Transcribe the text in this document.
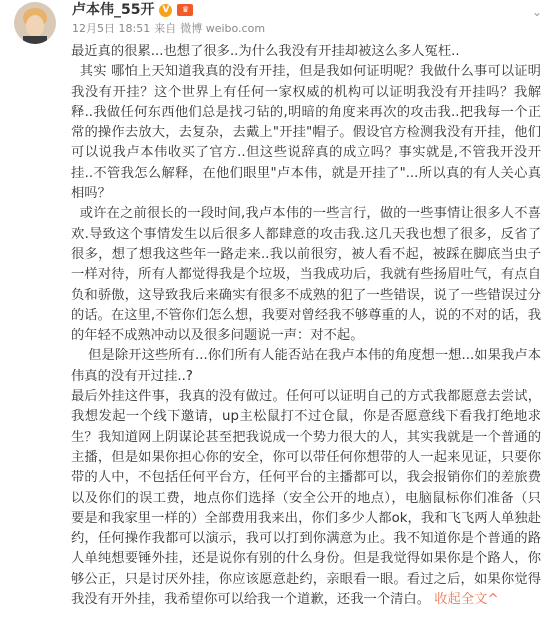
卢本伟_55开 V	♛
12月5日 18:51 来自 微博 weibo.com
⌄

最近真的很累...也想了很多..为什么我没有开挂却被这么多人冤枉..

其实 哪怕上天知道我真的没有开挂，但是我如何证明呢？我做什么事可以证明我没有开挂？这个世界上有任何一家权威的机构可以证明我没有开挂吗？我解释..我做任何东西他们总是找刁钻的,明暗的角度来再次的攻击我..把我每一个正常的操作去放大，去复杂，去戴上"开挂"帽子。假设官方检测我没有开挂，他们可以说我卢本伟收买了官方..但这些说辞真的成立吗？事实就是,不管我开没开挂..不管我怎么解释，在他们眼里"卢本伟，就是开挂了"...所以真的有人关心真相吗？

或许在之前很长的一段时间,我卢本伟的一些言行，做的一些事情让很多人不喜欢.导致这个事情发生以后很多人都肆意的攻击我.这几天我也想了很多，反省了很多，想了想我这些年一路走来..我以前很穷，被人看不起，被踩在脚底当虫子一样对待，所有人都觉得我是个垃圾，当我成功后，我就有些扬眉吐气，有点自负和骄傲，这导致我后来确实有很多不成熟的犯了一些错误，说了一些错误过分的话。在这里,不管你们怎么想，我要对曾经我不够尊重的人，说的不对的话，我的年轻不成熟冲动以及很多问题说一声：对不起。

但是除开这些所有...你们所有人能否站在我卢本伟的角度想一想...如果我卢本伟真的没有开过挂..?

最后外挂这件事，我真的没有做过。任何可以证明自己的方式我都愿意去尝试，我想发起一个线下邀请，up主松鼠打不过仓鼠，你是否愿意线下看我打绝地求生？我知道网上阴谋论甚至把我说成一个势力很大的人，其实我就是一个普通的主播，但是如果你担心你的安全，你可以带任何你想带的人一起来见证，只要你带的人中，不包括任何平台方，任何平台的主播都可以，我会报销你们的差旅费以及你们的误工费，地点你们选择（安全公开的地点），电脑鼠标你们准备（只要是和我家里一样的）全部费用我来出，你们多少人都ok，我和飞飞两人单独赴约，任何操作我都可以演示，我可以打到你满意为止。我不知道你是个普通的路人单纯想要锤外挂，还是说你有别的什么身份。但是我觉得如果你是个路人，你够公正，只是讨厌外挂，你应该愿意赴约，亲眼看一眼。看过之后，如果你觉得我没有开外挂，我希望你可以给我一个道歉，还我一个清白。 收起全文^
